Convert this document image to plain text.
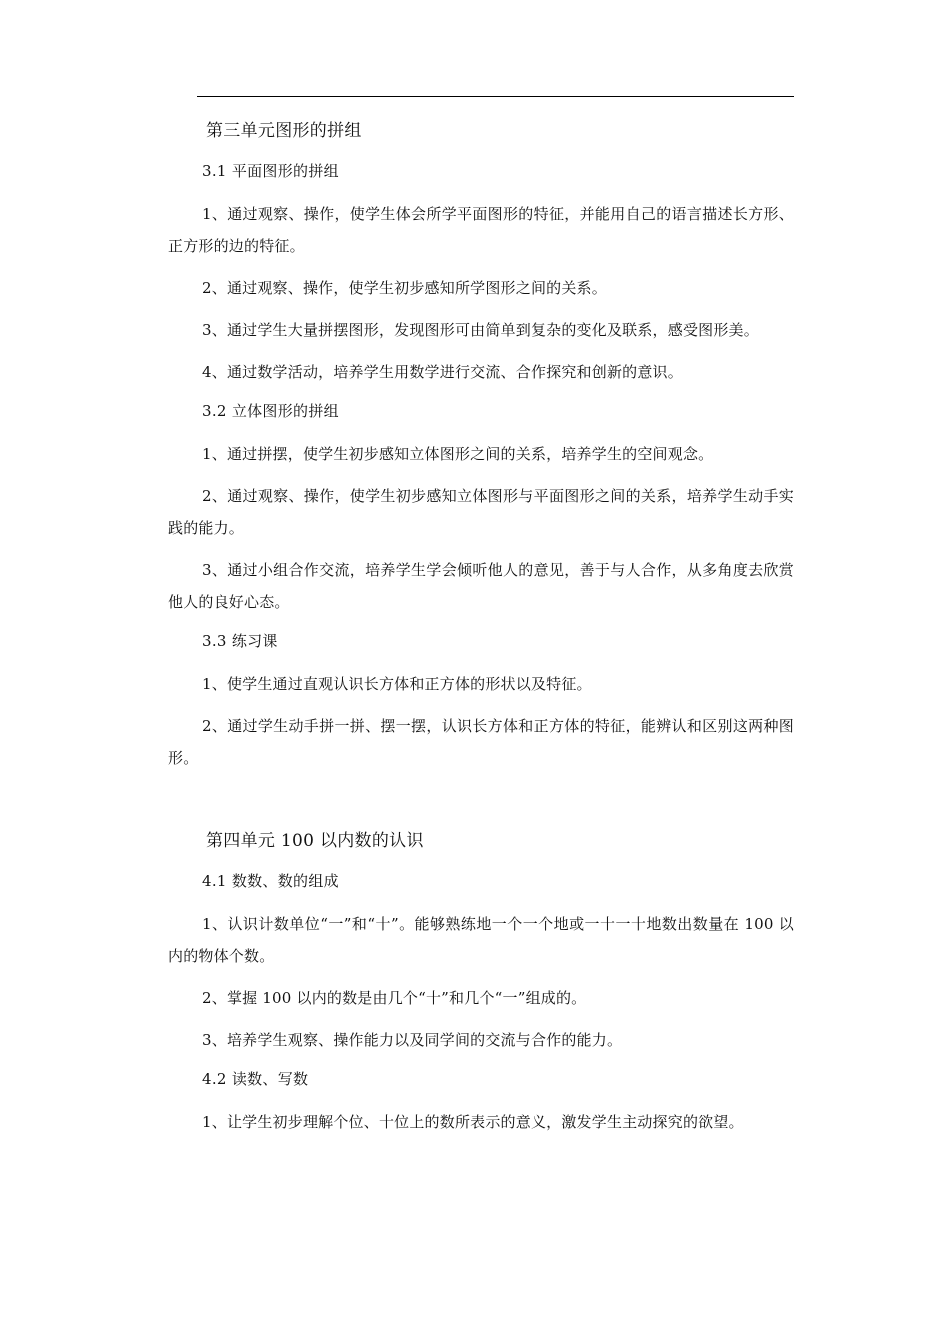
第三单元图形的拼组
3.1 平面图形的拼组

1、通过观察、操作，使学生体会所学平面图形的特征，并能用自己的语言描述长方形、正方形的边的特征。

2、通过观察、操作，使学生初步感知所学图形之间的关系。

3、通过学生大量拼摆图形，发现图形可由简单到复杂的变化及联系，感受图形美。

4、通过数学活动，培养学生用数学进行交流、合作探究和创新的意识。

3.2 立体图形的拼组

1、通过拼摆，使学生初步感知立体图形之间的关系，培养学生的空间观念。

2、通过观察、操作，使学生初步感知立体图形与平面图形之间的关系，培养学生动手实践的能力。

3、通过小组合作交流，培养学生学会倾听他人的意见，善于与人合作，从多角度去欣赏他人的良好心态。

3.3 练习课

1、使学生通过直观认识长方体和正方体的形状以及特征。

2、通过学生动手拼一拼、摆一摆，认识长方体和正方体的特征，能辨认和区别这两种图形。

第四单元 100 以内数的认识
4.1 数数、数的组成

1、认识计数单位“一”和“十”。能够熟练地一个一个地或一十一十地数出数量在 100 以内的物体个数。

2、掌握 100 以内的数是由几个“十”和几个“一”组成的。

3、培养学生观察、操作能力以及同学间的交流与合作的能力。

4.2 读数、写数

1、让学生初步理解个位、十位上的数所表示的意义，激发学生主动探究的欲望。
